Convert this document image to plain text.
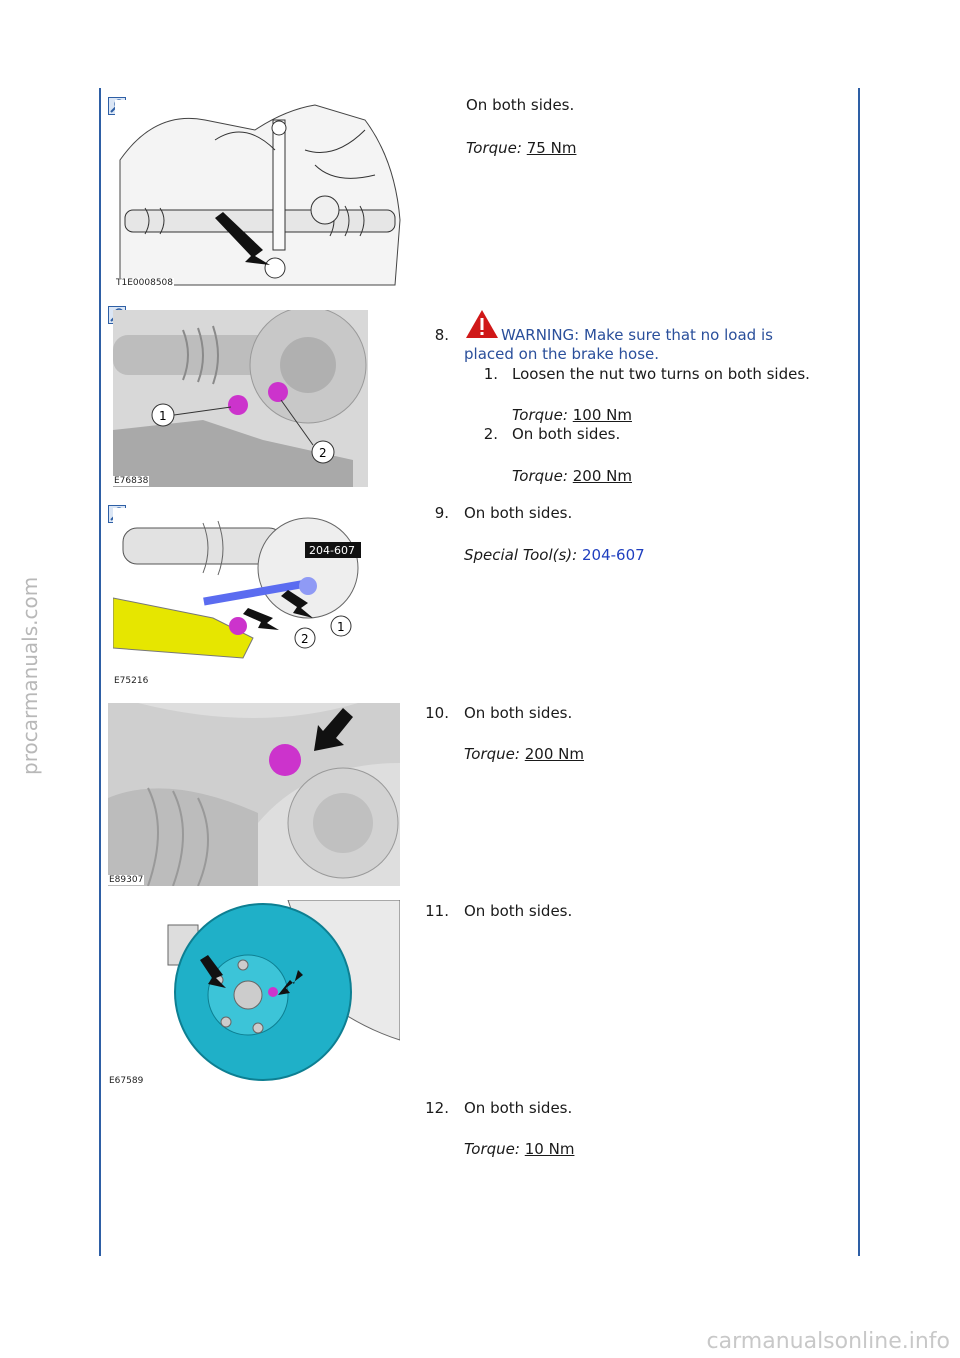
procarmanuals.com
T1E0008508
On both sides.
Torque: 75 Nm
1
2
E76838
8.	WARNING: Make sure that no load is
placed on the brake hose.
1. Loosen the nut two turns on both sides.
Torque: 100 Nm
2. On both sides.
Torque: 200 Nm
204-607
1
2
E75216
9. On both sides.
Special Tool(s): 204-607
E89307
10. On both sides.
Torque: 200 Nm
E67589
11. On both sides.
12. On both sides.
Torque: 10 Nm
carmanualsonline.info
